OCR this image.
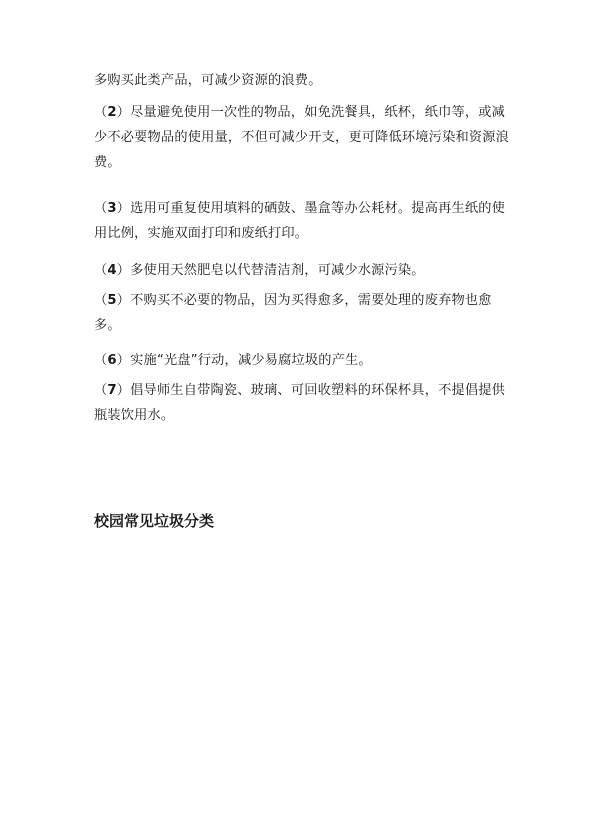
多购买此类产品，可减少资源的浪费。

（2）尽量避免使用一次性的物品，如免洗餐具，纸杯，纸巾等，或减少不必要物品的使用量，不但可减少开支，更可降低环境污染和资源浪费。

（3）选用可重复使用填料的硒鼓、墨盒等办公耗材。提高再生纸的使用比例，实施双面打印和废纸打印。

（4）多使用天然肥皂以代替清洁剂，可减少水源污染。

（5）不购买不必要的物品，因为买得愈多，需要处理的废弃物也愈多。

（6）实施“光盘”行动，减少易腐垃圾的产生。

（7）倡导师生自带陶瓷、玻璃、可回收塑料的环保杯具，不提倡提供瓶装饮用水。

校园常见垃圾分类
